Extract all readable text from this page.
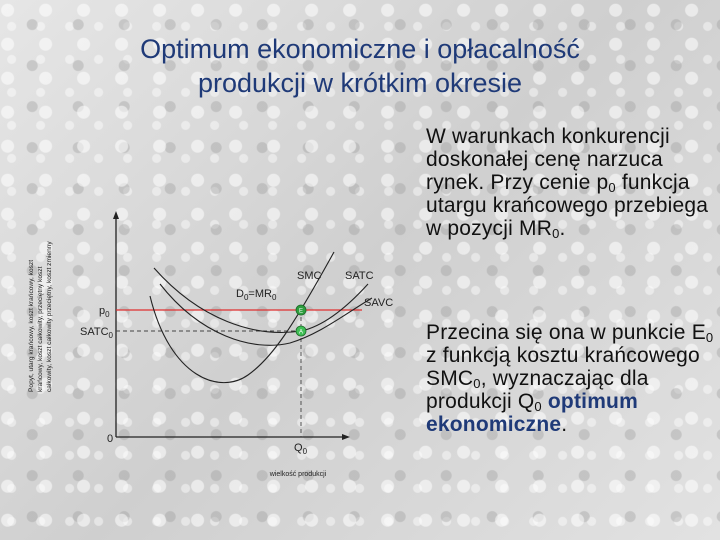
Optimum ekonomiczne i opłacalność
produkcji w krótkim okresie
Popyt, utarg krańcowy, koszt krańcowy, koszt krańcowy, koszt całkowity, przeciętny koszt całkowity, koszt całkowity przeciętny, koszt zmienny	E
A
0
$p_0$
$SATC_0$
$Q_0$
$D_0=MR_0$
SMC SATC
SAVC
wielkość produkcji
W warunkach konkurencji doskonałej cenę narzuca rynek. Przy cenie $p_0$ funkcja utargu krańcowego przebiega w pozycji $MR_0$.
Przecina się ona w punkcie $E_0$ z funkcją kosztu krańcowego $SMC_0$, wyznaczając dla produkcji $Q_0$ optimum ekonomiczne.
